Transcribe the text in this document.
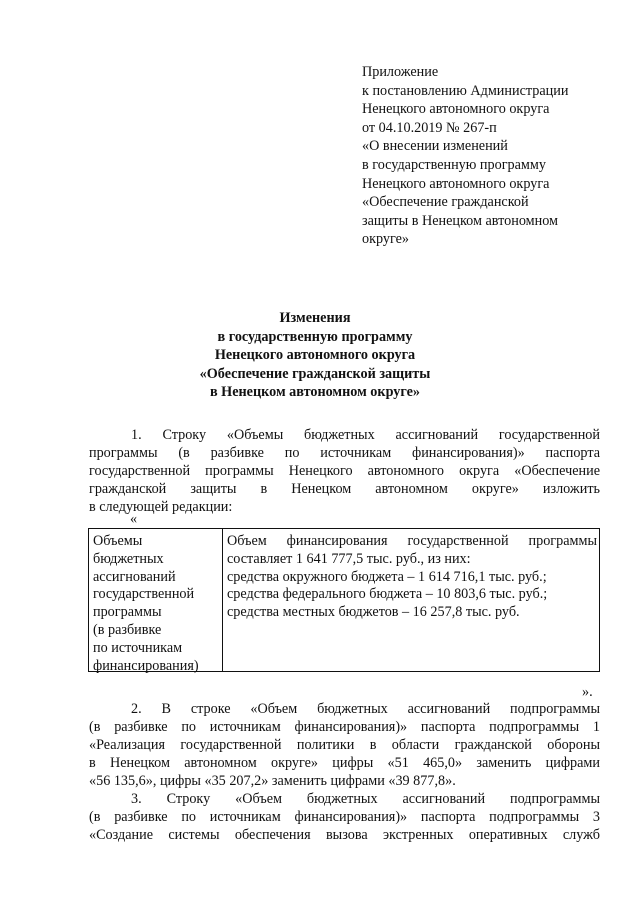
Приложение
к постановлению Администрации
Ненецкого автономного округа
от 04.10.2019 № 267-п
«О внесении изменений
в государственную программу
Ненецкого автономного округа
«Обеспечение гражданской
защиты в Ненецком автономном
округе»
Изменения
в государственную программу
Ненецкого автономного округа
«Обеспечение гражданской защиты
в Ненецком автономном округе»
1. Строку «Объемы бюджетных ассигнований государственной
программы (в разбивке по источникам финансирования)» паспорта
государственной программы Ненецкого автономного округа «Обеспечение
гражданской защиты в Ненецком автономном округе» изложить
в следующей редакции:
«
Объемы
бюджетных
ассигнований
государственной
программы
(в разбивке
по источникам
финансирования)
Объем финансирования государственной программы
составляет 1 641 777,5 тыс. руб., из них:
средства окружного бюджета – 1 614 716,1 тыс. руб.;
средства федерального бюджета – 10 803,6 тыс. руб.;
средства местных бюджетов – 16 257,8 тыс. руб.
».
2. В строке «Объем бюджетных ассигнований подпрограммы
(в разбивке по источникам финансирования)» паспорта подпрограммы 1
«Реализация государственной политики в области гражданской обороны
в Ненецком автономном округе» цифры «51 465,0» заменить цифрами
«56 135,6», цифры «35 207,2» заменить цифрами «39 877,8».
3. Строку «Объем бюджетных ассигнований подпрограммы
(в разбивке по источникам финансирования)» паспорта подпрограммы 3
«Создание системы обеспечения вызова экстренных оперативных служб
